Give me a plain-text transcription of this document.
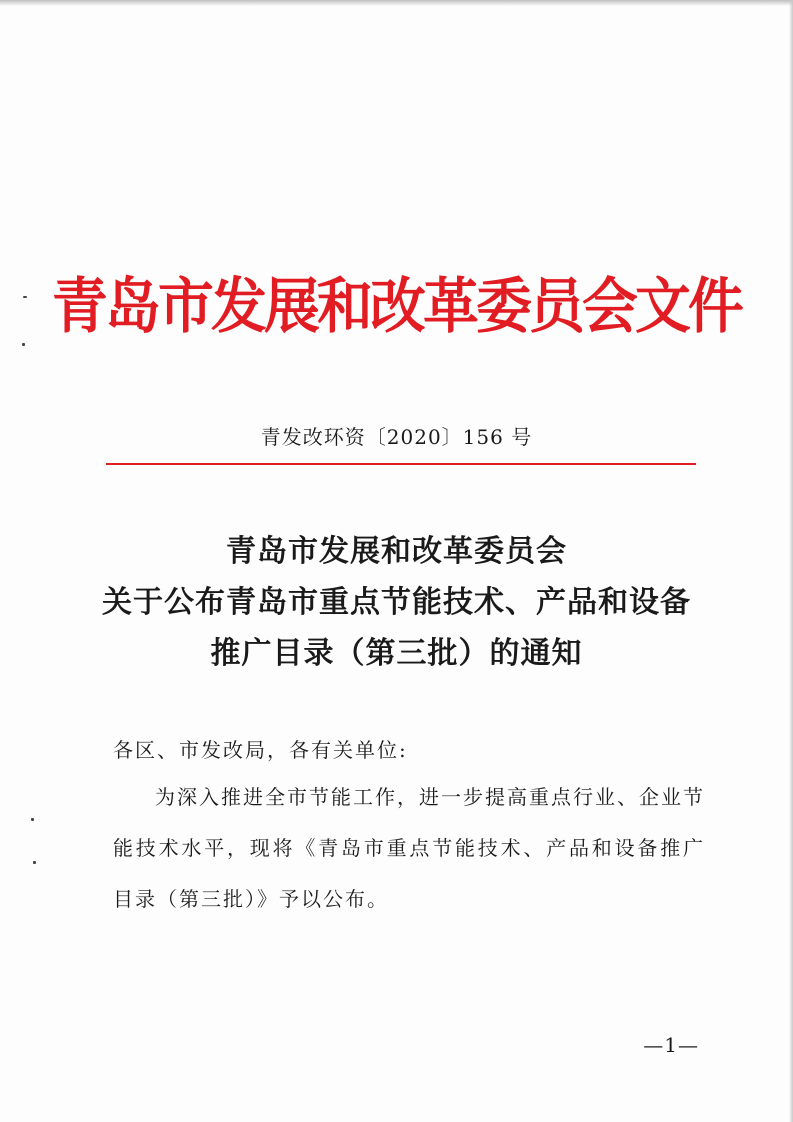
青岛市发展和改革委员会文件
青发改环资〔2020〕156 号
青岛市发展和改革委员会
关于公布青岛市重点节能技术、产品和设备
推广目录（第三批）的通知
各区、市发改局，各有关单位:
为深入推进全市节能工作，进一步提高重点行业、企业节能技术水平，现将《青岛市重点节能技术、产品和设备推广目录（第三批）》予以公布。
—1—
